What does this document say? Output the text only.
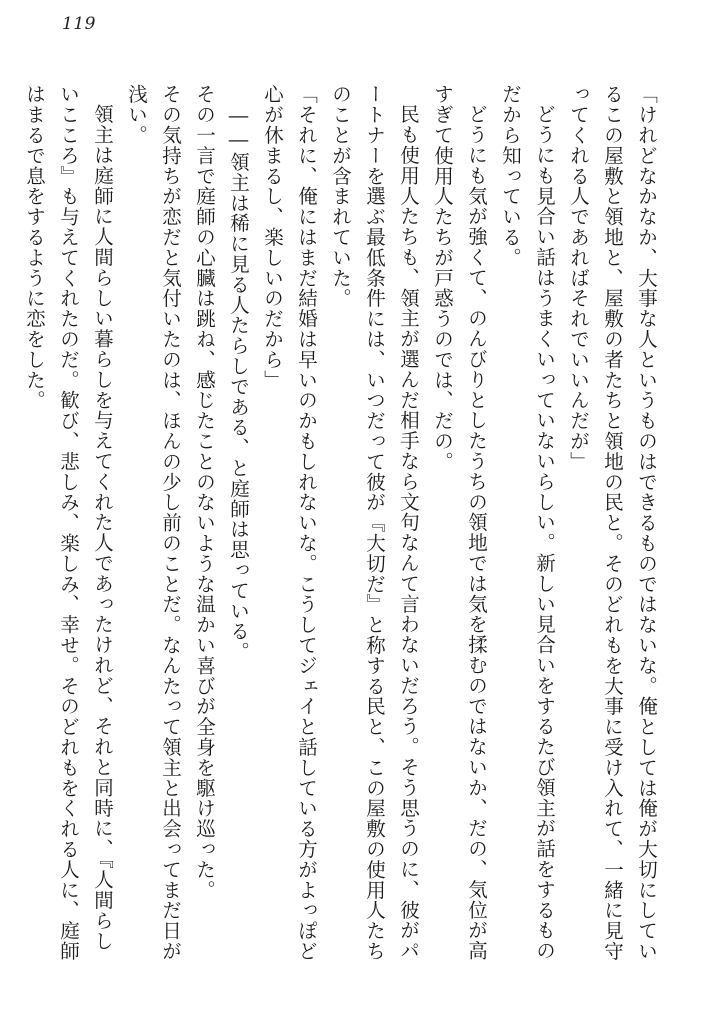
119

「けれどなかなか、大事な人というものはできるものではないな。俺としては俺が大切にしているこの屋敷と領地と、屋敷の者たちと領地の民と。そのどれもを大事に受け入れて、一緒に見守ってくれる人であればそれでいいんだが」

どうにも見合い話はうまくいっていないらしい。新しい見合いをするたび領主が話をするものだから知っている。

どうにも気が強くて、のんびりとしたうちの領地では気を揉むのではないか、だの、気位が高すぎて使用人たちが戸惑うのでは、だの。

民も使用人たちも、領主が選んだ相手なら文句なんて言わないだろう。そう思うのに、彼がパートナーを選ぶ最低条件には、いつだって彼が『大切だ』と称する民と、この屋敷の使用人たちのことが含まれていた。

「それに、俺にはまだ結婚は早いのかもしれないな。こうしてジェイと話している方がよっぽど心が休まるし、楽しいのだから」

――領主は稀に見る人たらしである、と庭師は思っている。

その一言で庭師の心臓は跳ね、感じたことのないような温かい喜びが全身を駆け巡った。

その気持ちが恋だと気付いたのは、ほんの少し前のことだ。なんたって領主と出会ってまだ日が浅い。

領主は庭師に人間らしい暮らしを与えてくれた人であったけれど、それと同時に、『人間らしいこころ』も与えてくれたのだ。歓び、悲しみ、楽しみ、幸せ。そのどれもをくれる人に、庭師はまるで息をするように恋をした。
